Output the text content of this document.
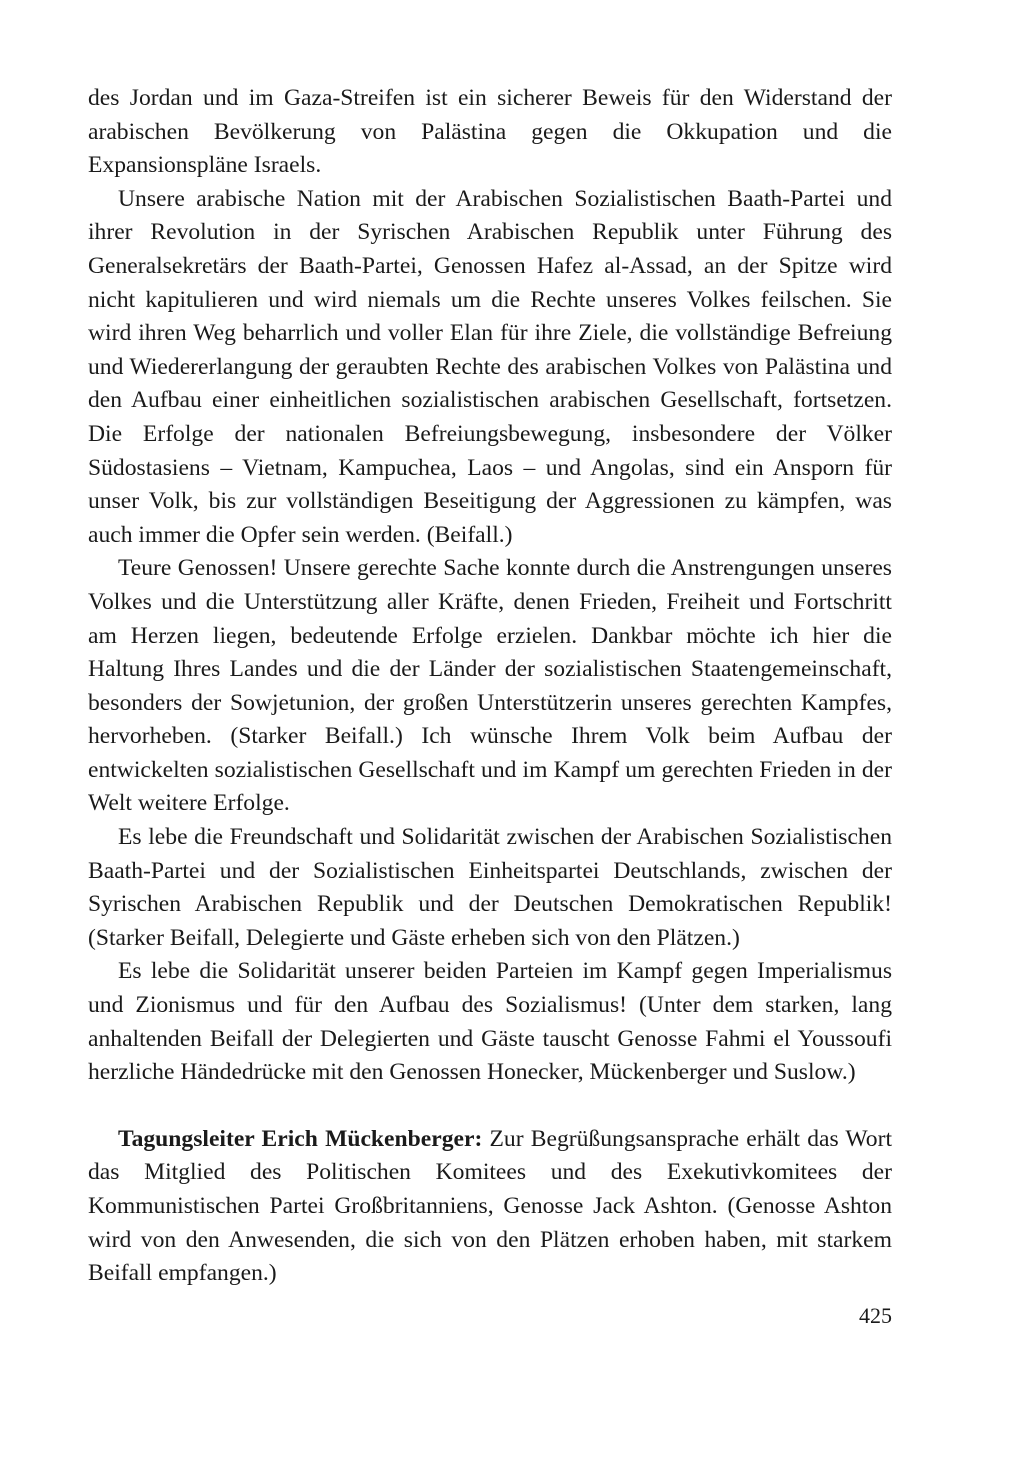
des Jordan und im Gaza-Streifen ist ein sicherer Beweis für den Widerstand der arabischen Bevölkerung von Palästina gegen die Okkupation und die Expansionspläne Israels.

Unsere arabische Nation mit der Arabischen Sozialistischen Baath-Partei und ihrer Revolution in der Syrischen Arabischen Republik unter Führung des Generalsekretärs der Baath-Partei, Genossen Hafez al-Assad, an der Spitze wird nicht kapitulieren und wird niemals um die Rechte unseres Volkes feilschen. Sie wird ihren Weg beharrlich und voller Elan für ihre Ziele, die vollständige Befreiung und Wiedererlangung der geraubten Rechte des arabischen Volkes von Palästina und den Aufbau einer einheitlichen sozialistischen arabischen Gesellschaft, fortsetzen. Die Erfolge der nationalen Befreiungsbewegung, insbesondere der Völker Südostasiens – Vietnam, Kampuchea, Laos – und Angolas, sind ein Ansporn für unser Volk, bis zur vollständigen Beseitigung der Aggressionen zu kämpfen, was auch immer die Opfer sein werden. (Beifall.)

Teure Genossen! Unsere gerechte Sache konnte durch die Anstrengungen unseres Volkes und die Unterstützung aller Kräfte, denen Frieden, Freiheit und Fortschritt am Herzen liegen, bedeutende Erfolge erzielen. Dankbar möchte ich hier die Haltung Ihres Landes und die der Länder der sozialistischen Staatengemeinschaft, besonders der Sowjetunion, der großen Unterstützerin unseres gerechten Kampfes, hervorheben. (Starker Beifall.) Ich wünsche Ihrem Volk beim Aufbau der entwickelten sozialistischen Gesellschaft und im Kampf um gerechten Frieden in der Welt weitere Erfolge.

Es lebe die Freundschaft und Solidarität zwischen der Arabischen Sozialistischen Baath-Partei und der Sozialistischen Einheitspartei Deutschlands, zwischen der Syrischen Arabischen Republik und der Deutschen Demokratischen Republik! (Starker Beifall, Delegierte und Gäste erheben sich von den Plätzen.)

Es lebe die Solidarität unserer beiden Parteien im Kampf gegen Imperialismus und Zionismus und für den Aufbau des Sozialismus! (Unter dem starken, lang anhaltenden Beifall der Delegierten und Gäste tauscht Genosse Fahmi el Youssoufi herzliche Händedrücke mit den Genossen Honecker, Mückenberger und Suslow.)

Tagungsleiter Erich Mückenberger: Zur Begrüßungsansprache erhält das Wort das Mitglied des Politischen Komitees und des Exekutivkomitees der Kommunistischen Partei Großbritanniens, Genosse Jack Ashton. (Genosse Ashton wird von den Anwesenden, die sich von den Plätzen erhoben haben, mit starkem Beifall empfangen.)

425
